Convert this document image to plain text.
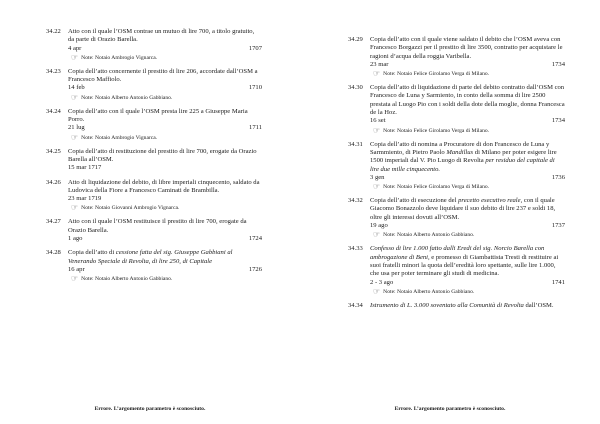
34.22	Atto con il quale l’OSM contrae un mutuo di lire 700, a titolo gratuito, da parte di Orazio Barella.
4 apr	1707
☞ Note: Notaio Ambrogio Vignarca.
34.23	Copia dell’atto concernente il prestito di lire 206, accordate dall’OSM a Francesco Maffiolo.
14 feb	1710
☞ Note: Notaio Alberto Antonio Gabbiano.
34.24	Copia dell’atto con il quale l’OSM presta lire 225 a Giuseppe Maria Porro.
21 lug	1711
☞ Note: Notaio Ambrogio Vignarca.
34.25	Copia dell’atto di restituzione del prestito di lire 700, erogate da Orazio Barella all’OSM.
15 mar 1717
34.26	Atto di liquidazione del debito, di libre imperiali cinquecento, saldato da Ludovica della Fiore a Francesco Caminati de Brambilla.
23 mar 1719
☞ Note: Notaio Giovanni Ambrogio Vignarca.
34.27	Atto con il quale l’OSM restituisce il prestito di lire 700, erogate da Orazio Barella.
1 ago	1724
34.28	Copia dell’atto di cessione fatta del sig. Giuseppe Gabbiani al Venerando Speciale di Revolta, di lire 250, di Capitale
16 apr	1726
☞ Note: Notaio Alberto Antonio Gabbiano.
Errore. L’argomento parametro è sconosciuto.
34.29	Copia dell’atto con il quale viene saldato il debito che l’OSM aveva con Francesco Borgazzi per il prestito di lire 3500, contratto per acquistare le ragioni d’acqua della roggia Varibella.
23 mar	1734
☞ Note: Notaio Felice Girolamo Verga di Milano.
34.30	Copia dell’atto di liquidazione di parte del debito contratto dall’OSM con Francesco de Luna y Sarmiento, in conto della somma di lire 2500 prestata al Luogo Pio con i soldi della dote della moglie, donna Francesca de la Hoz.
16 set	1734
☞ Note: Notaio Felice Girolamo Verga di Milano.
34.31	Copia dell’atto di nomina a Procuratore di don Francesco de Luna y Sarmmiento, di Pietro Paolo Mandillus di Milano per poter esigere lire 1500 imperiali dal V. Pio Luogo di Revolta per residuo del capitale di lire due mille cinquecento.
3 gen	1736
☞ Note: Notaio Felice Girolamo Verga di Milano.
34.32	Copia dell’atto di esecuzione del precetto esecutivo reale, con il quale Giacomo Bonazzolo deve liquidare il suo debito di lire 237 e soldi 18, oltre gli interessi dovuti all’OSM.
19 ago	1737
☞ Note: Notaio Alberto Antonio Gabbiano.
34.33	Confesso di lire 1.000 fatto dalli Eredi del sig. Norcio Barella con ambrogazione di Beni, e promesso di Giambattista Tresti di restituire ai suoi fratelli minori la quota dell’eredità loro spettante, sulle lire 1.000, che usa per poter terminare gli studi di medicina.
2 - 3 ago	1741
☞ Note: Notaio Alberto Antonio Gabbiano.
34.34	Istrumento di L. 3.000 soventato alla Comunità di Revolta dall’OSM.
Errore. L’argomento parametro è sconosciuto.
